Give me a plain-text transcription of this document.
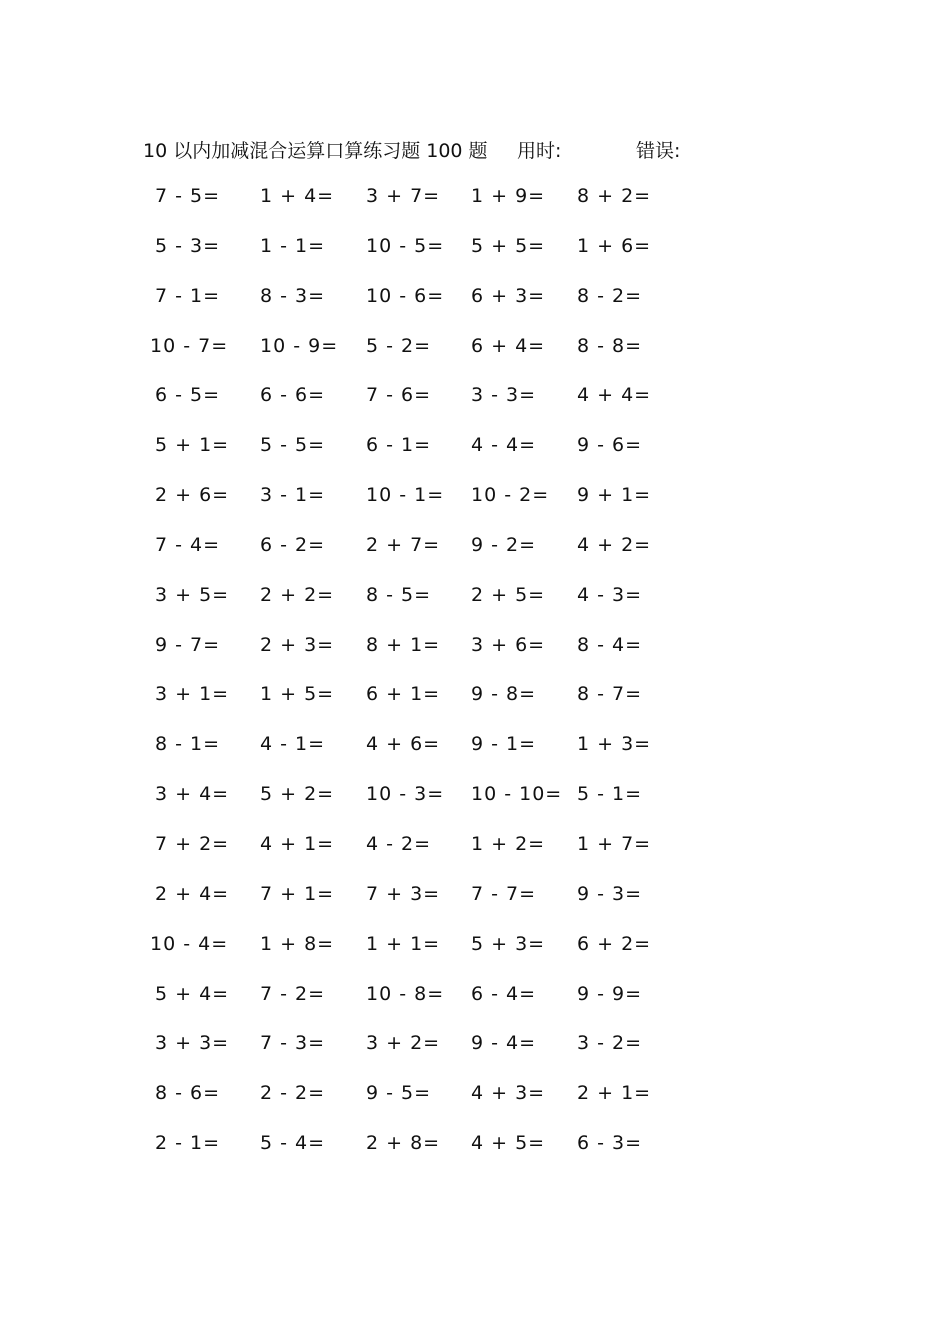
10 以内加减混合运算口算练习题 100 题 用时:	错误:
7 - 5= 1 + 4= 3 + 7= 1 + 9= 8 + 2=
5 - 3= 1 - 1= 10 - 5= 5 + 5= 1 + 6=
7 - 1= 8 - 3= 10 - 6= 6 + 3= 8 - 2=
10 - 7= 10 - 9= 5 - 2= 6 + 4= 8 - 8=
6 - 5= 6 - 6= 7 - 6= 3 - 3= 4 + 4=
5 + 1= 5 - 5= 6 - 1= 4 - 4= 9 - 6=
2 + 6= 3 - 1= 10 - 1= 10 - 2= 9 + 1=
7 - 4= 6 - 2= 2 + 7= 9 - 2= 4 + 2=
3 + 5= 2 + 2= 8 - 5= 2 + 5= 4 - 3=
9 - 7= 2 + 3= 8 + 1= 3 + 6= 8 - 4=
3 + 1= 1 + 5= 6 + 1= 9 - 8= 8 - 7=
8 - 1= 4 - 1= 4 + 6= 9 - 1= 1 + 3=
3 + 4= 5 + 2= 10 - 3= 10 - 10= 5 - 1=
7 + 2= 4 + 1= 4 - 2= 1 + 2= 1 + 7=
2 + 4= 7 + 1= 7 + 3= 7 - 7= 9 - 3=
10 - 4= 1 + 8= 1 + 1= 5 + 3= 6 + 2=
5 + 4= 7 - 2= 10 - 8= 6 - 4= 9 - 9=
3 + 3= 7 - 3= 3 + 2= 9 - 4= 3 - 2=
8 - 6= 2 - 2= 9 - 5= 4 + 3= 2 + 1=
2 - 1= 5 - 4= 2 + 8= 4 + 5= 6 - 3=
